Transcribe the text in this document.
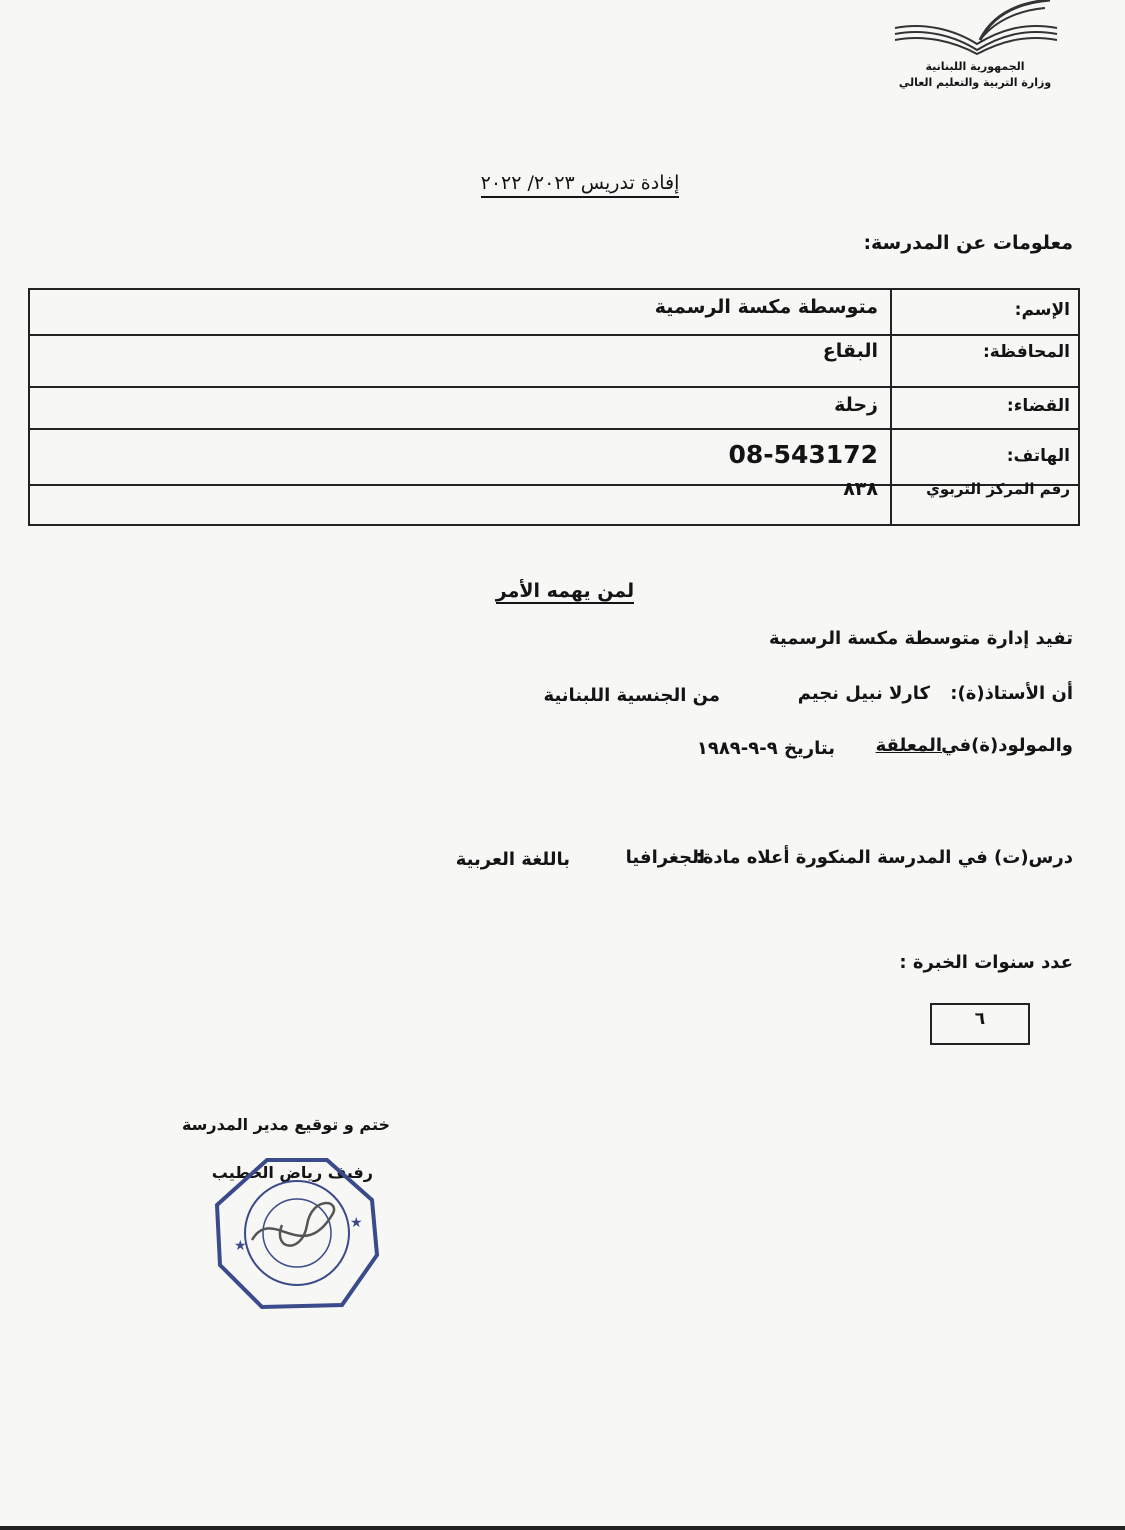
الجمهورية اللبنانية
وزارة التربية والتعليم العالي
إفادة تدريس ٢٠٢٣/ ٢٠٢٢
معلومات عن المدرسة:
الإسم:
متوسطة مكسة الرسمية
المحافظة:
البقاع
القضاء:
زحلة
الهاتف:
08-543172
رقم المركز التربوي
٨٣٨
لمن يهمه الأمر
تفيد إدارة متوسطة مكسة الرسمية
أن الأستاذ(ة):
كارلا نبيل نجيم
من الجنسية اللبنانية
والمولود(ة)في
المعلقة
بتاريخ ٩-٩-١٩٨٩
درس(ت) في المدرسة المنكورة أعلاه مادة:
الجغرافيا
باللغة العربية
عدد سنوات الخبرة :
٦
ختم و توقيع مدير المدرسة
رفيف رياض الخطيب
★
★
